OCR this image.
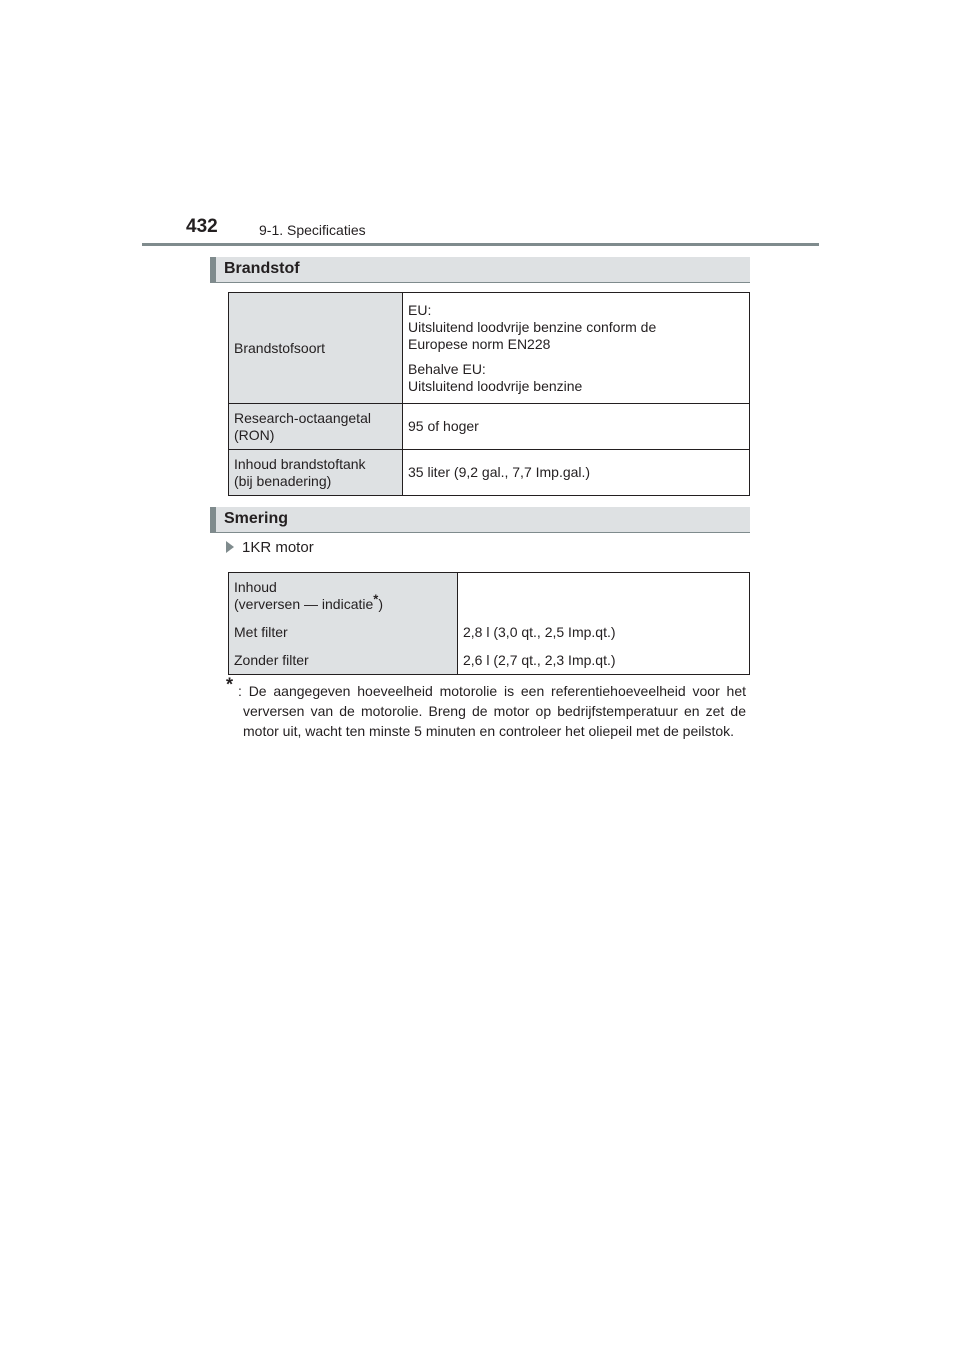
432	9-1. Specificaties
Brandstof
Brandstofsoort	EU:
Uitsluitend loodvrije benzine conform de
Europese norm EN228
Behalve EU:
Uitsluitend loodvrije benzine

Research-octaangetal
(RON)	95 of hoger

Inhoud brandstoftank
(bij benadering)	35 liter (9,2 gal., 7,7 Imp.gal.)
Smering
1KR motor
Inhoud
(verversen — indicatie*)	

Met filter	2,8 l (3,0 qt., 2,5 Imp.qt.)
Zonder filter	2,6 l (2,7 qt., 2,3 Imp.qt.)
* : De aangegeven hoeveelheid motorolie is een referentiehoeveelheid voor het verversen van de motorolie. Breng de motor op bedrijfstemperatuur en zet de motor uit, wacht ten minste 5 minuten en controleer het oliepeil met de peilstok.
